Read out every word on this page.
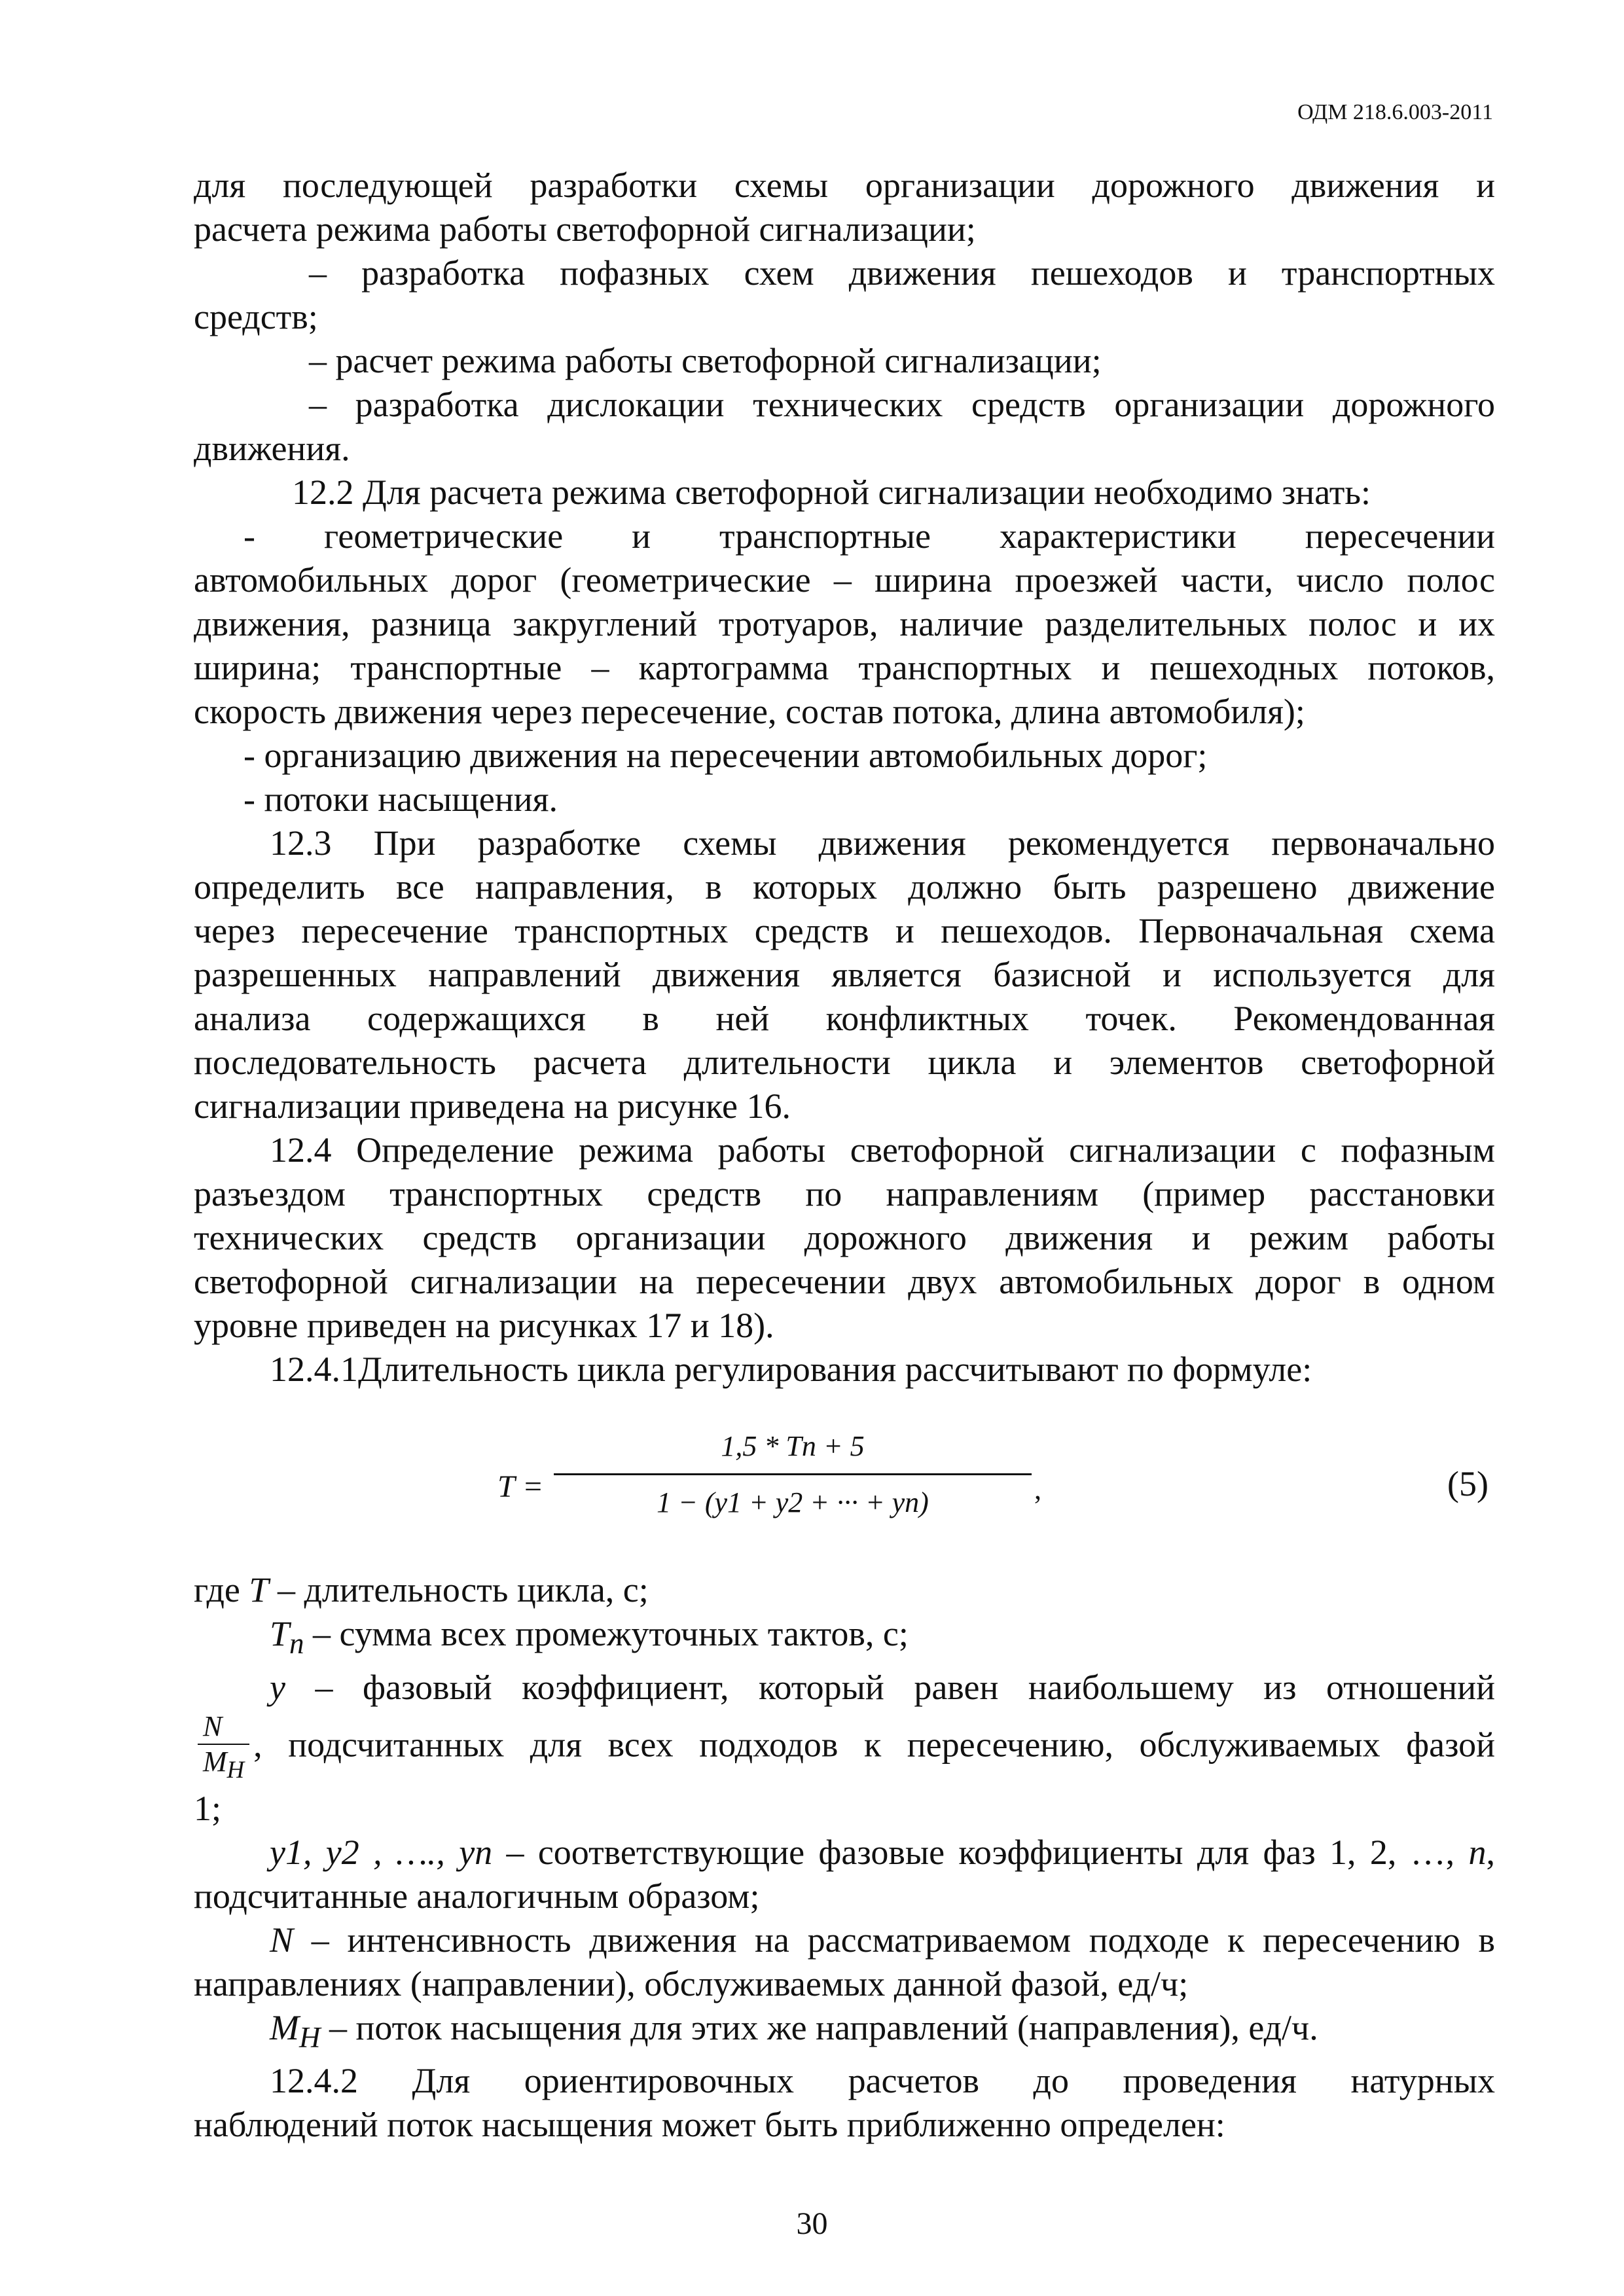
ОДМ 218.6.003-2011

для последующей разработки схемы организации дорожного движения и

расчета режима работы светофорной сигнализации;

– разработка пофазных схем движения пешеходов и транспортных

средств;

– расчет режима работы светофорной сигнализации;

– разработка дислокации технических средств организации дорожного

движения.

12.2 Для расчета режима светофорной сигнализации необходимо знать:

- геометрические и транспортные характеристики пересечении

автомобильных дорог (геометрические – ширина проезжей части, число полос

движения, разница закруглений тротуаров, наличие разделительных полос и их

ширина; транспортные – картограмма транспортных и пешеходных потоков,

скорость движения через пересечение, состав потока, длина автомобиля);

- организацию движения на пересечении автомобильных дорог;

- потоки насыщения.

12.3 При разработке схемы движения рекомендуется первоначально

определить все направления, в которых должно быть разрешено движение

через пересечение транспортных средств и пешеходов. Первоначальная схема

разрешенных направлений движения является базисной и используется для

анализа содержащихся в ней конфликтных точек. Рекомендованная

последовательность расчета длительности цикла и элементов светофорной

сигнализации приведена на рисунке 16.

12.4 Определение режима работы светофорной сигнализации с пофазным

разъездом транспортных средств по направлениям (пример расстановки

технических средств организации дорожного движения и режим работы

светофорной сигнализации на пересечении двух автомобильных дорог в одном

уровне приведен на рисунках 17 и 18).

12.4.1Длительность цикла регулирования рассчитывают по формуле:

T =
1,5 * Tn + 5
1 − (y1 + y2 + ··· + yn)	,	(5)

где T – длительность цикла, с;

$T_n$ – сумма всех промежуточных тактов, с;

y – фазовый коэффициент, который равен наибольшему из отношений

$\frac{N}{M_H}$ , подсчитанных для всех подходов к пересечению, обслуживаемых фазой

1;

y1, y2 , …., yn – соответствующие фазовые коэффициенты для фаз 1, 2, …, n,

подсчитанные аналогичным образом;

N – интенсивность движения на рассматриваемом подходе к пересечению в

направлениях (направлении), обслуживаемых данной фазой, ед/ч;

$M_H$ – поток насыщения для этих же направлений (направления), ед/ч.

12.4.2 Для ориентировочных расчетов до проведения натурных

наблюдений поток насыщения может быть приближенно определен:

30
